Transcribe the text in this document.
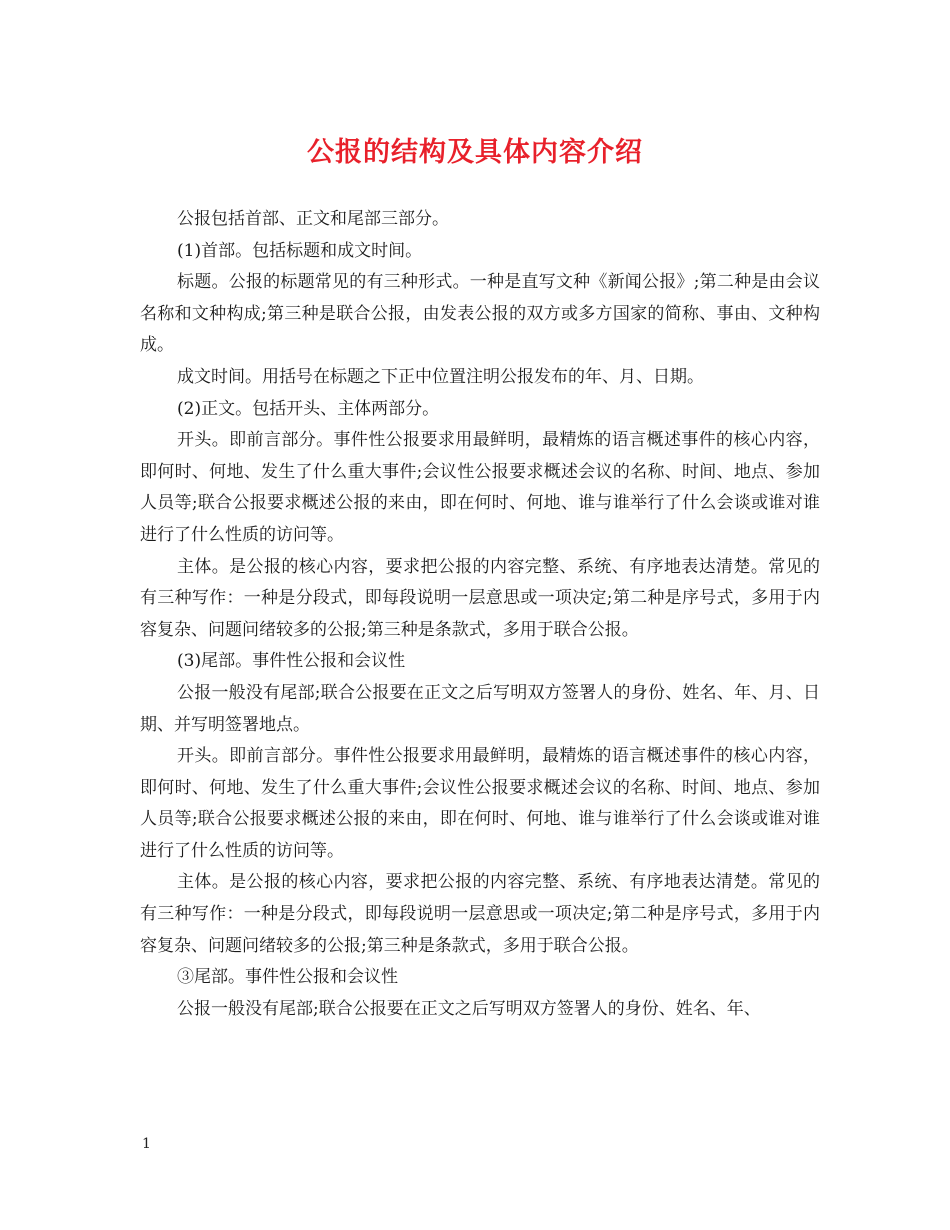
公报的结构及具体内容介绍

公报包括首部、正文和尾部三部分。

(1)首部。包括标题和成文时间。

标题。公报的标题常见的有三种形式。一种是直写文种《新闻公报》;第二种是由会议名称和文种构成;第三种是联合公报，由发表公报的双方或多方国家的简称、事由、文种构成。

成文时间。用括号在标题之下正中位置注明公报发布的年、月、日期。

(2)正文。包括开头、主体两部分。

开头。即前言部分。事件性公报要求用最鲜明，最精炼的语言概述事件的核心内容，即何时、何地、发生了什么重大事件;会议性公报要求概述会议的名称、时间、地点、参加人员等;联合公报要求概述公报的来由，即在何时、何地、谁与谁举行了什么会谈或谁对谁进行了什么性质的访问等。

主体。是公报的核心内容，要求把公报的内容完整、系统、有序地表达清楚。常见的有三种写作：一种是分段式，即每段说明一层意思或一项决定;第二种是序号式，多用于内容复杂、问题问绪较多的公报;第三种是条款式，多用于联合公报。

(3)尾部。事件性公报和会议性

公报一般没有尾部;联合公报要在正文之后写明双方签署人的身份、姓名、年、月、日期、并写明签署地点。

开头。即前言部分。事件性公报要求用最鲜明，最精炼的语言概述事件的核心内容，即何时、何地、发生了什么重大事件;会议性公报要求概述会议的名称、时间、地点、参加人员等;联合公报要求概述公报的来由，即在何时、何地、谁与谁举行了什么会谈或谁对谁进行了什么性质的访问等。

主体。是公报的核心内容，要求把公报的内容完整、系统、有序地表达清楚。常见的有三种写作：一种是分段式，即每段说明一层意思或一项决定;第二种是序号式，多用于内容复杂、问题问绪较多的公报;第三种是条款式，多用于联合公报。

③尾部。事件性公报和会议性

公报一般没有尾部;联合公报要在正文之后写明双方签署人的身份、姓名、年、

1
